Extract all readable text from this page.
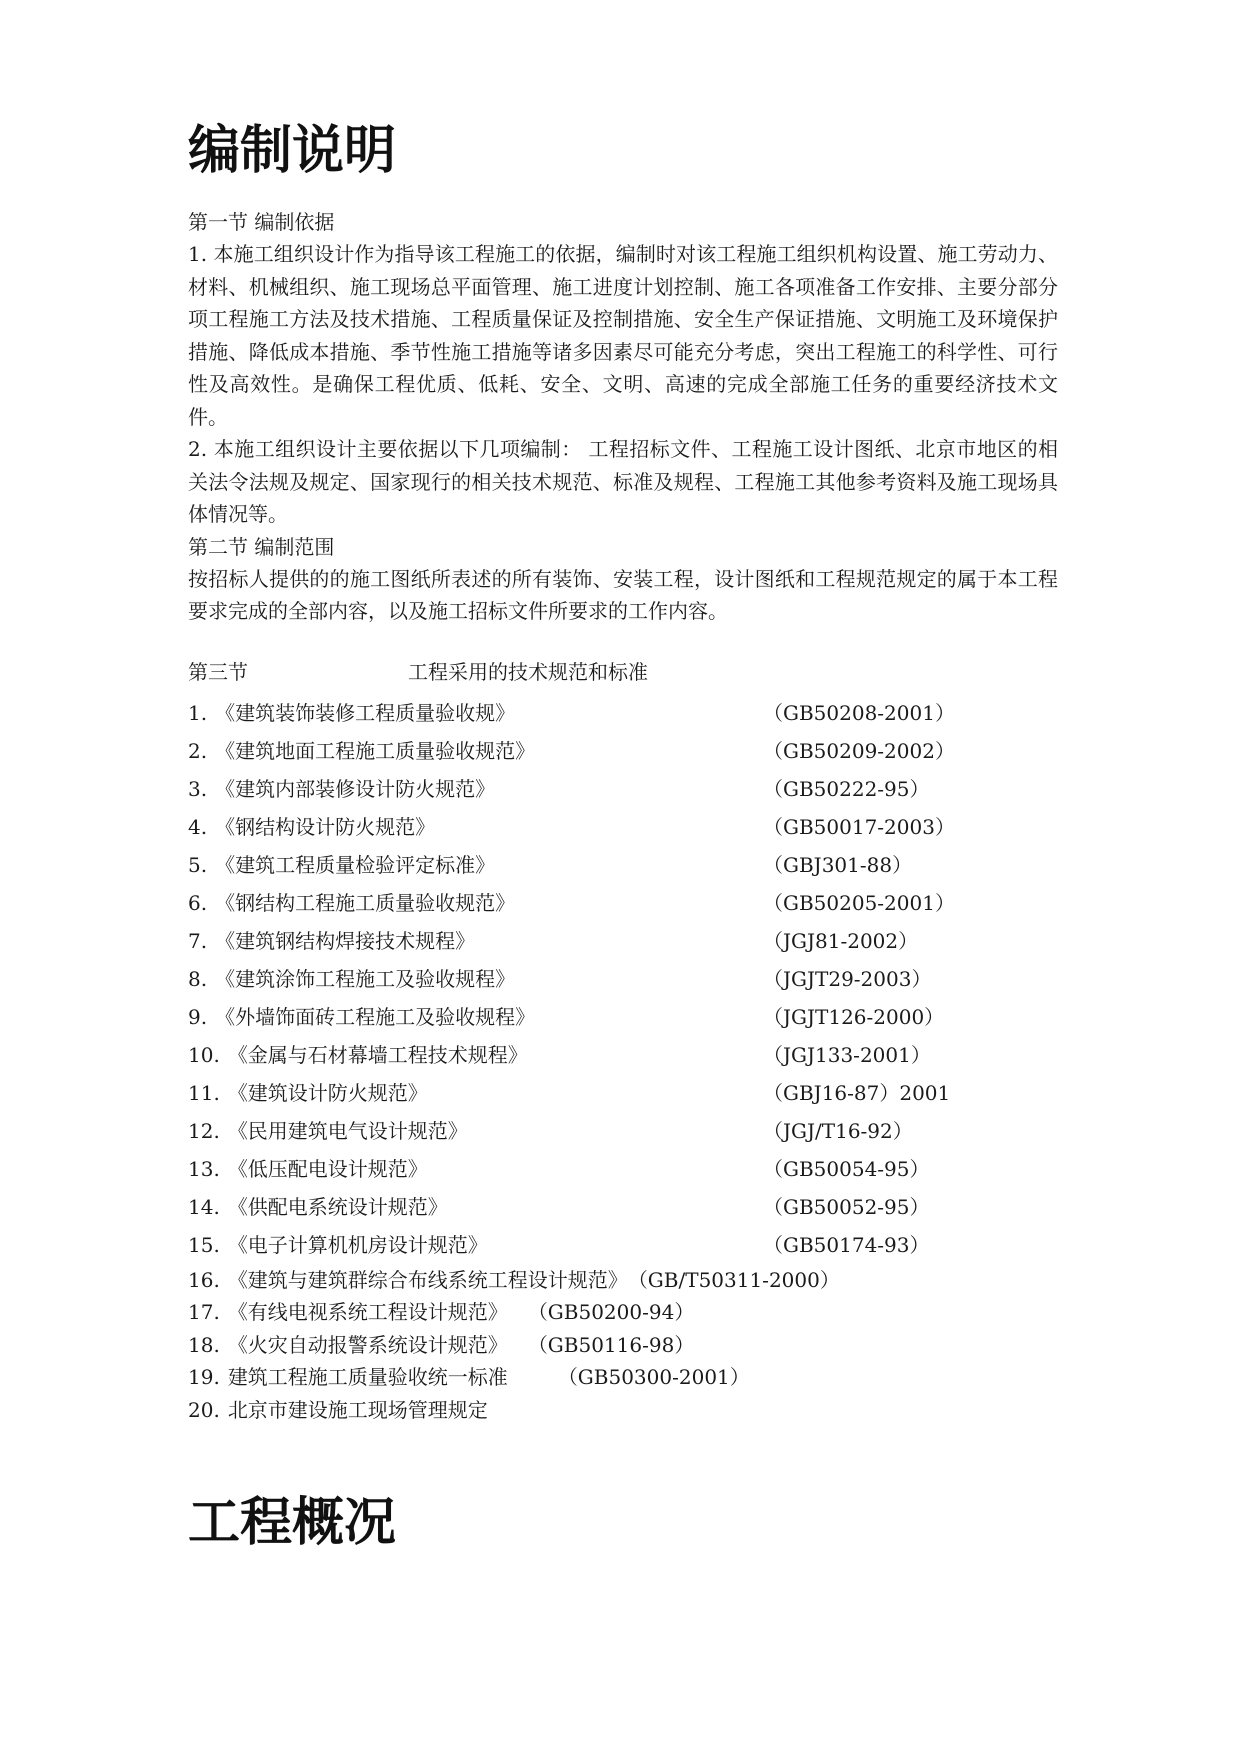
编制说明

第一节 编制依据

1. 本施工组织设计作为指导该工程施工的依据，编制时对该工程施工组织机构设置、施工劳动力、材料、机械组织、施工现场总平面管理、施工进度计划控制、施工各项准备工作安排、主要分部分项工程施工方法及技术措施、工程质量保证及控制措施、安全生产保证措施、文明施工及环境保护措施、降低成本措施、季节性施工措施等诸多因素尽可能充分考虑，突出工程施工的科学性、可行性及高效性。是确保工程优质、低耗、安全、文明、高速的完成全部施工任务的重要经济技术文件。

2. 本施工组织设计主要依据以下几项编制： 工程招标文件、工程施工设计图纸、北京市地区的相关法令法规及规定、国家现行的相关技术规范、标准及规程、工程施工其他参考资料及施工现场具体情况等。

第二节 编制范围

按招标人提供的的施工图纸所表述的所有装饰、安装工程，设计图纸和工程规范规定的属于本工程要求完成的全部内容，以及施工招标文件所要求的工作内容。

第三节	工程采用的技术规范和标准
1. 《建筑装饰装修工程质量验收规》	（GB50208-2001）
2. 《建筑地面工程施工质量验收规范》	（GB50209-2002）
3. 《建筑内部装修设计防火规范》	（GB50222-95）
4. 《钢结构设计防火规范》	（GB50017-2003）
5. 《建筑工程质量检验评定标准》	（GBJ301-88）
6. 《钢结构工程施工质量验收规范》	（GB50205-2001）
7. 《建筑钢结构焊接技术规程》	（JGJ81-2002）
8. 《建筑涂饰工程施工及验收规程》	（JGJT29-2003）
9. 《外墙饰面砖工程施工及验收规程》	（JGJT126-2000）
10. 《金属与石材幕墙工程技术规程》	（JGJ133-2001）
11. 《建筑设计防火规范》	（GBJ16-87）2001
12. 《民用建筑电气设计规范》	（JGJ/T16-92）
13. 《低压配电设计规范》	（GB50054-95）
14. 《供配电系统设计规范》	（GB50052-95）
15. 《电子计算机机房设计规范》	（GB50174-93）
16. 《建筑与建筑群综合布线系统工程设计规范》 （GB/T50311-2000）
17. 《有线电视系统工程设计规范》 （GB50200-94）
18. 《火灾自动报警系统设计规范》 （GB50116-98）
19. 建筑工程施工质量验收统一标准	（GB50300-2001）
20. 北京市建设施工现场管理规定
工程概况
